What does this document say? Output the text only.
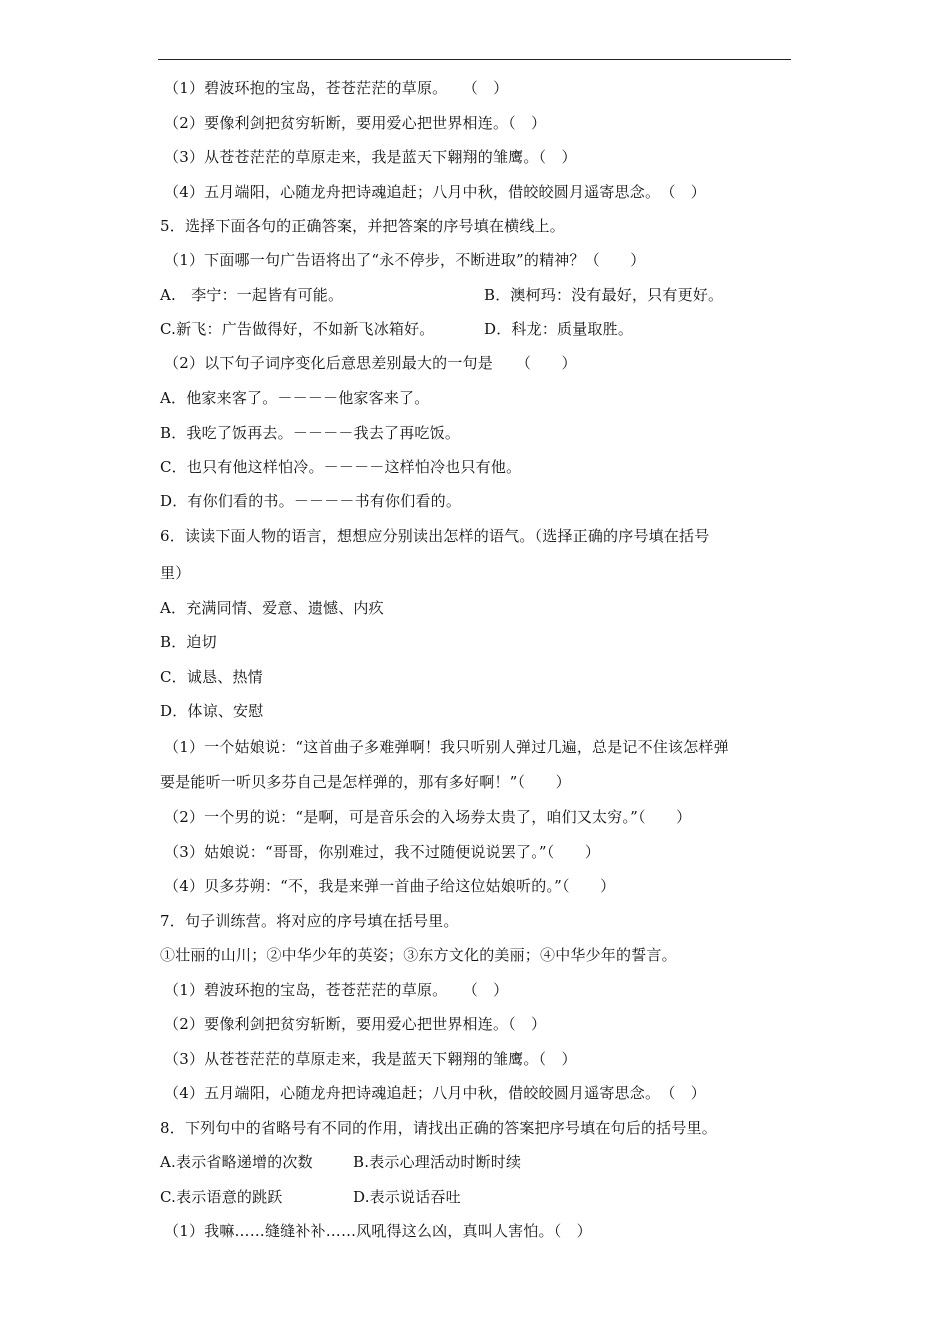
（1）碧波环抱的宝岛，苍苍茫茫的草原。　　（　）
（2）要像利剑把贫穷斩断，要用爱心把世界相连。（　）
（3）从苍苍茫茫的草原走来，我是蓝天下翱翔的雏鹰。（　）
（4）五月端阳，心随龙舟把诗魂追赶；八月中秋，借皎皎圆月遥寄思念。　（　）
5．选择下面各句的正确答案，并把答案的序号填在横线上。
（1）下面哪一句广告语将出了“永不停步，不断进取”的精神？（　　）
A.　李宁：一起皆有可能。	B．澳柯玛：没有最好，只有更好。
C.新飞：广告做得好，不如新飞冰箱好。	D．科龙：质量取胜。
（2）以下句子词序变化后意思差别最大的一句是　　（　　）
A．他家来客了。－－－－他家客来了。
B．我吃了饭再去。－－－－我去了再吃饭。
C．也只有他这样怕冷。－－－－这样怕冷也只有他。
D．有你们看的书。－－－－书有你们看的。
6．读读下面人物的语言，想想应分别读出怎样的语气。（选择正确的序号填在括号
里）
A．充满同情、爱意、遗憾、内疚
B．迫切
C．诚恳、热情
D．体谅、安慰
（1）一个姑娘说：“这首曲子多难弹啊！我只听别人弹过几遍，总是记不住该怎样弹
要是能听一听贝多芬自己是怎样弹的，那有多好啊！”（　　）
（2）一个男的说：“是啊，可是音乐会的入场券太贵了，咱们又太穷。”（　　）
（3）姑娘说：“哥哥，你别难过，我不过随便说说罢了。”（　　）
（4）贝多芬朔：“不，我是来弹一首曲子给这位姑娘听的。”（　　）
7．句子训练营。将对应的序号填在括号里。
①壮丽的山川；②中华少年的英姿；③东方文化的美丽；④中华少年的誓言。
（1）碧波环抱的宝岛，苍苍茫茫的草原。　　（　）
（2）要像利剑把贫穷斩断，要用爱心把世界相连。（　）
（3）从苍苍茫茫的草原走来，我是蓝天下翱翔的雏鹰。（　）
（4）五月端阳，心随龙舟把诗魂追赶；八月中秋，借皎皎圆月遥寄思念。　（　）
8．下列句中的省略号有不同的作用，请找出正确的答案把序号填在句后的括号里。
A.表示省略递增的次数	B.表示心理活动时断时续
C.表示语意的跳跃	D.表示说话吞吐
（1）我嘛……缝缝补补……风吼得这么凶，真叫人害怕。（　）
